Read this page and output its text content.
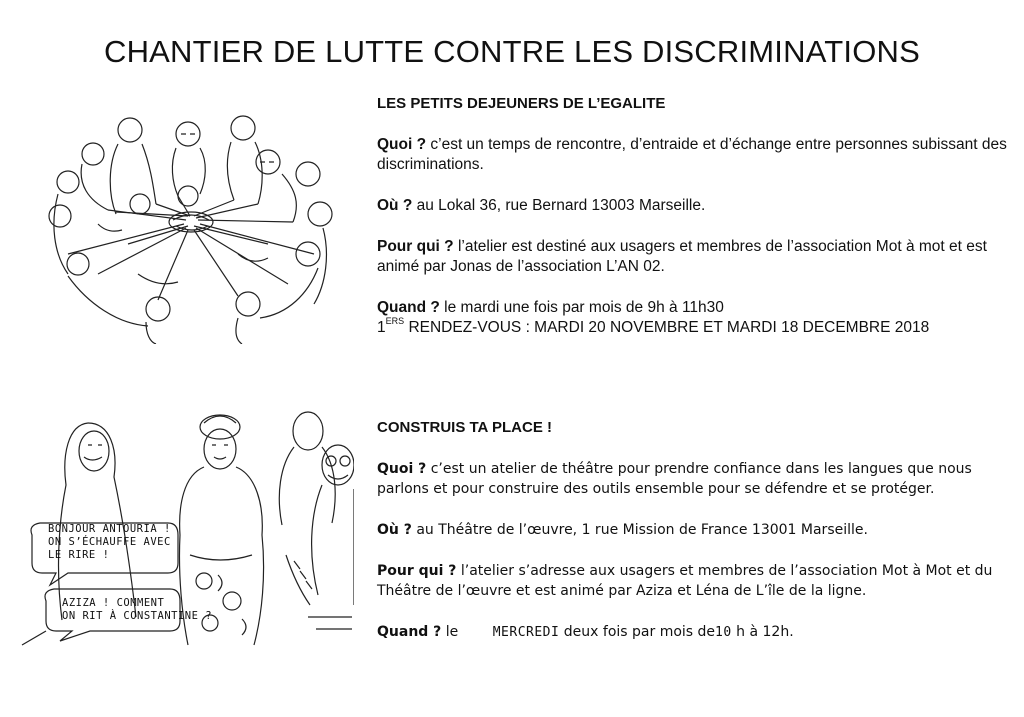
CHANTIER DE LUTTE CONTRE LES DISCRIMINATIONS
BONJOUR ANTOURIA !
ON S’ÉCHAUFFE AVEC
LE RIRE !
AZIZA ! COMMENT
ON RIT À CONSTANTINE ?
LES PETITS DEJEUNERS DE L’EGALITE
Quoi ? c’est un temps de rencontre, d’entraide et d’échange entre personnes subissant des discriminations.
Où ? au Lokal 36, rue Bernard 13003 Marseille.
Pour qui ? l’atelier est destiné aux usagers et membres de l’association Mot à mot et est animé par Jonas de l’association L’AN 02.
Quand ? le mardi une fois par mois de 9h à 11h30
1ERS RENDEZ-VOUS : MARDI 20 NOVEMBRE ET MARDI 18 DECEMBRE 2018
CONSTRUIS TA PLACE !
Quoi ? c’est un atelier de théâtre pour prendre confiance dans les langues que nous parlons et pour construire des outils ensemble pour se défendre et se protéger.
Où ? au Théâtre de l’œuvre, 1 rue Mission de France 13001 Marseille.
Pour qui ? l’atelier s’adresse aux usagers et membres de l’association Mot à Mot et du Théâtre de l’œuvre et est animé par Aziza et Léna de L’île de la ligne.
Quand ? le MERCREDI deux fois par mois de10 h à 12h.
